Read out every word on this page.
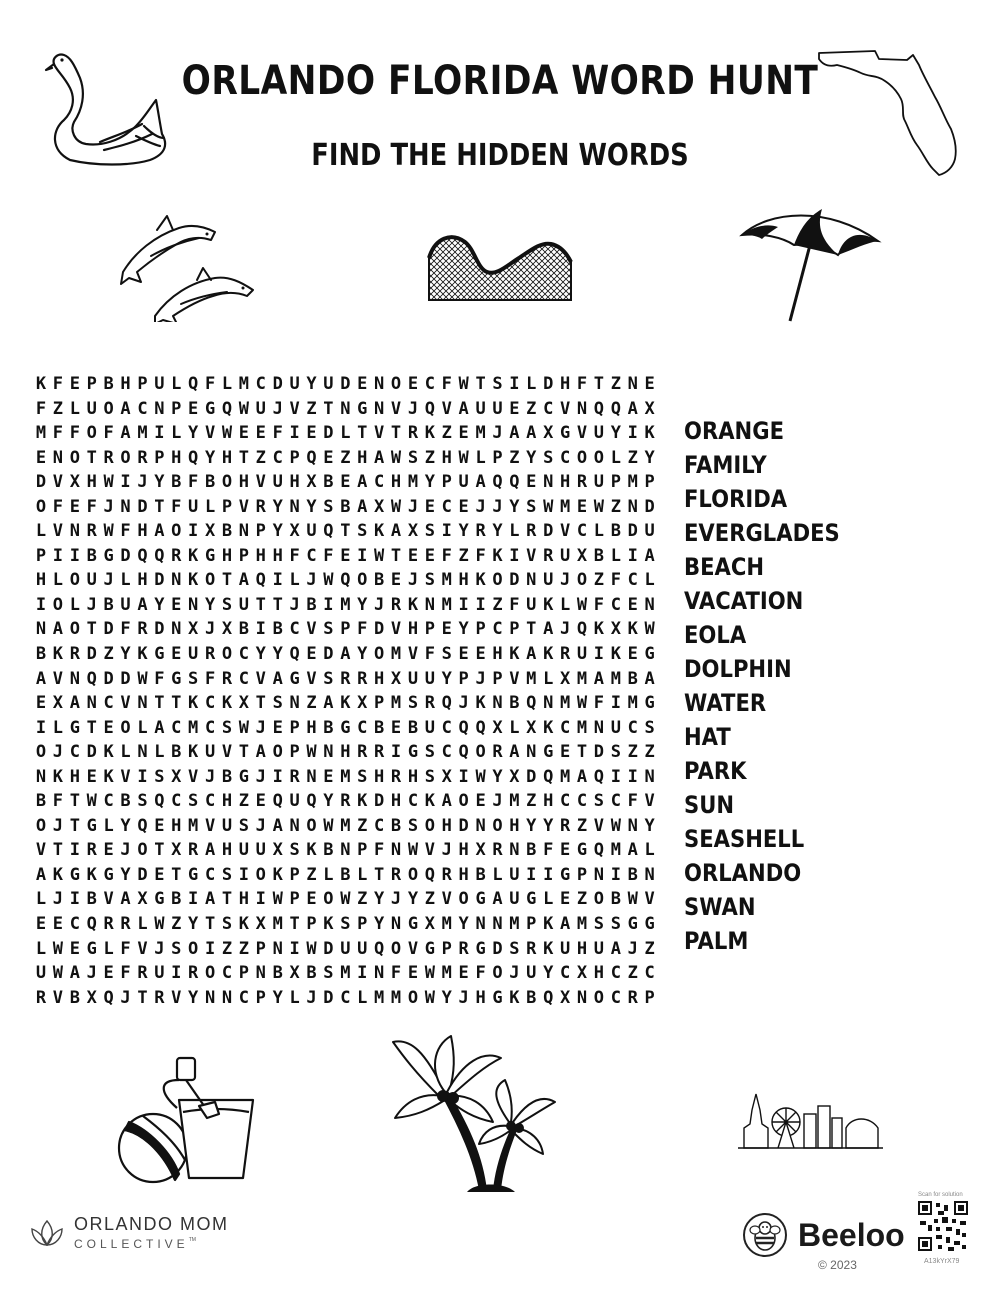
ORLANDO FLORIDA WORD HUNT
FIND THE HIDDEN WORDS
K F E P B H P U L Q F L M C D U Y U D E N O E C F W T S I L D H F T Z N E
F Z L U O A C N P E G Q W U J V Z T N G N V J Q V A U U E Z C V N Q Q A X
M F F O F A M I L Y V W E E F I E D L T V T R K Z E M J A A X G V U Y I K
E N O T R O R P H Q Y H T Z C P Q E Z H A W S Z H W L P Z Y S C O O L Z Y
D V X H W I J Y B F B O H V U H X B E A C H M Y P U A Q Q E N H R U P M P
O F E F J N D T F U L P V R Y N Y S B A X W J E C E J J Y S W M E W Z N D
L V N R W F H A O I X B N P Y X U Q T S K A X S I Y R Y L R D V C L B D U
P I I B G D Q Q R K G H P H H F C F E I W T E E F Z F K I V R U X B L I A
H L O U J L H D N K O T A Q I L J W Q O B E J S M H K O D N U J O Z F C L
I O L J B U A Y E N Y S U T T J B I M Y J R K N M I I Z F U K L W F C E N
N A O T D F R D N X J X B I B C V S P F D V H P E Y P C P T A J Q K X K W
B K R D Z Y K G E U R O C Y Y Q E D A Y O M V F S E E H K A K R U I K E G
A V N Q D D W F G S F R C V A G V S R R H X U U Y P J P V M L X M A M B A
E X A N C V N T T K C K X T S N Z A K X P M S R Q J K N B Q N M W F I M G
I L G T E O L A C M C S W J E P H B G C B E B U C Q Q X L X K C M N U C S
O J C D K L N L B K U V T A O P W N H R R I G S C Q O R A N G E T D S Z Z
N K H E K V I S X V J B G J I R N E M S H R H S X I W Y X D Q M A Q I I N
B F T W C B S Q C S C H Z E Q U Q Y R K D H C K A O E J M Z H C C S C F V
O J T G L Y Q E H M V U S J A N O W M Z C B S O H D N O H Y Y R Z V W N Y
V T I R E J O T X R A H U U X S K B N P F N W V J H X R N B F E G Q M A L
A K G K G Y D E T G C S I O K P Z L B L T R O Q R H B L U I I G P N I B N
L J I B V A X G B I A T H I W P E O W Z Y J Y Z V O G A U G L E Z O B W V
E E C Q R R L W Z Y T S K X M T P K S P Y N G X M Y N N M P K A M S S G G
L W E G L F V J S O I Z Z P N I W D U U Q O V G P R G D S R K U H U A J Z
U W A J E F R U I R O C P N B X B S M I N F E W M E F O J U Y C X H C Z C
R V B X Q J T R V Y N N C P Y L J D C L M M O W Y J H G K B Q X N O C R P
ORANGE
FAMILY
FLORIDA
EVERGLADES
BEACH
VACATION
EOLA
DOLPHIN
WATER
HAT
PARK
SUN
SEASHELL
ORLANDO
SWAN
PALM
ORLANDO MOM
COLLECTIVE™	Beeloo
© 2023
Scan for solution
A13kYrX79
